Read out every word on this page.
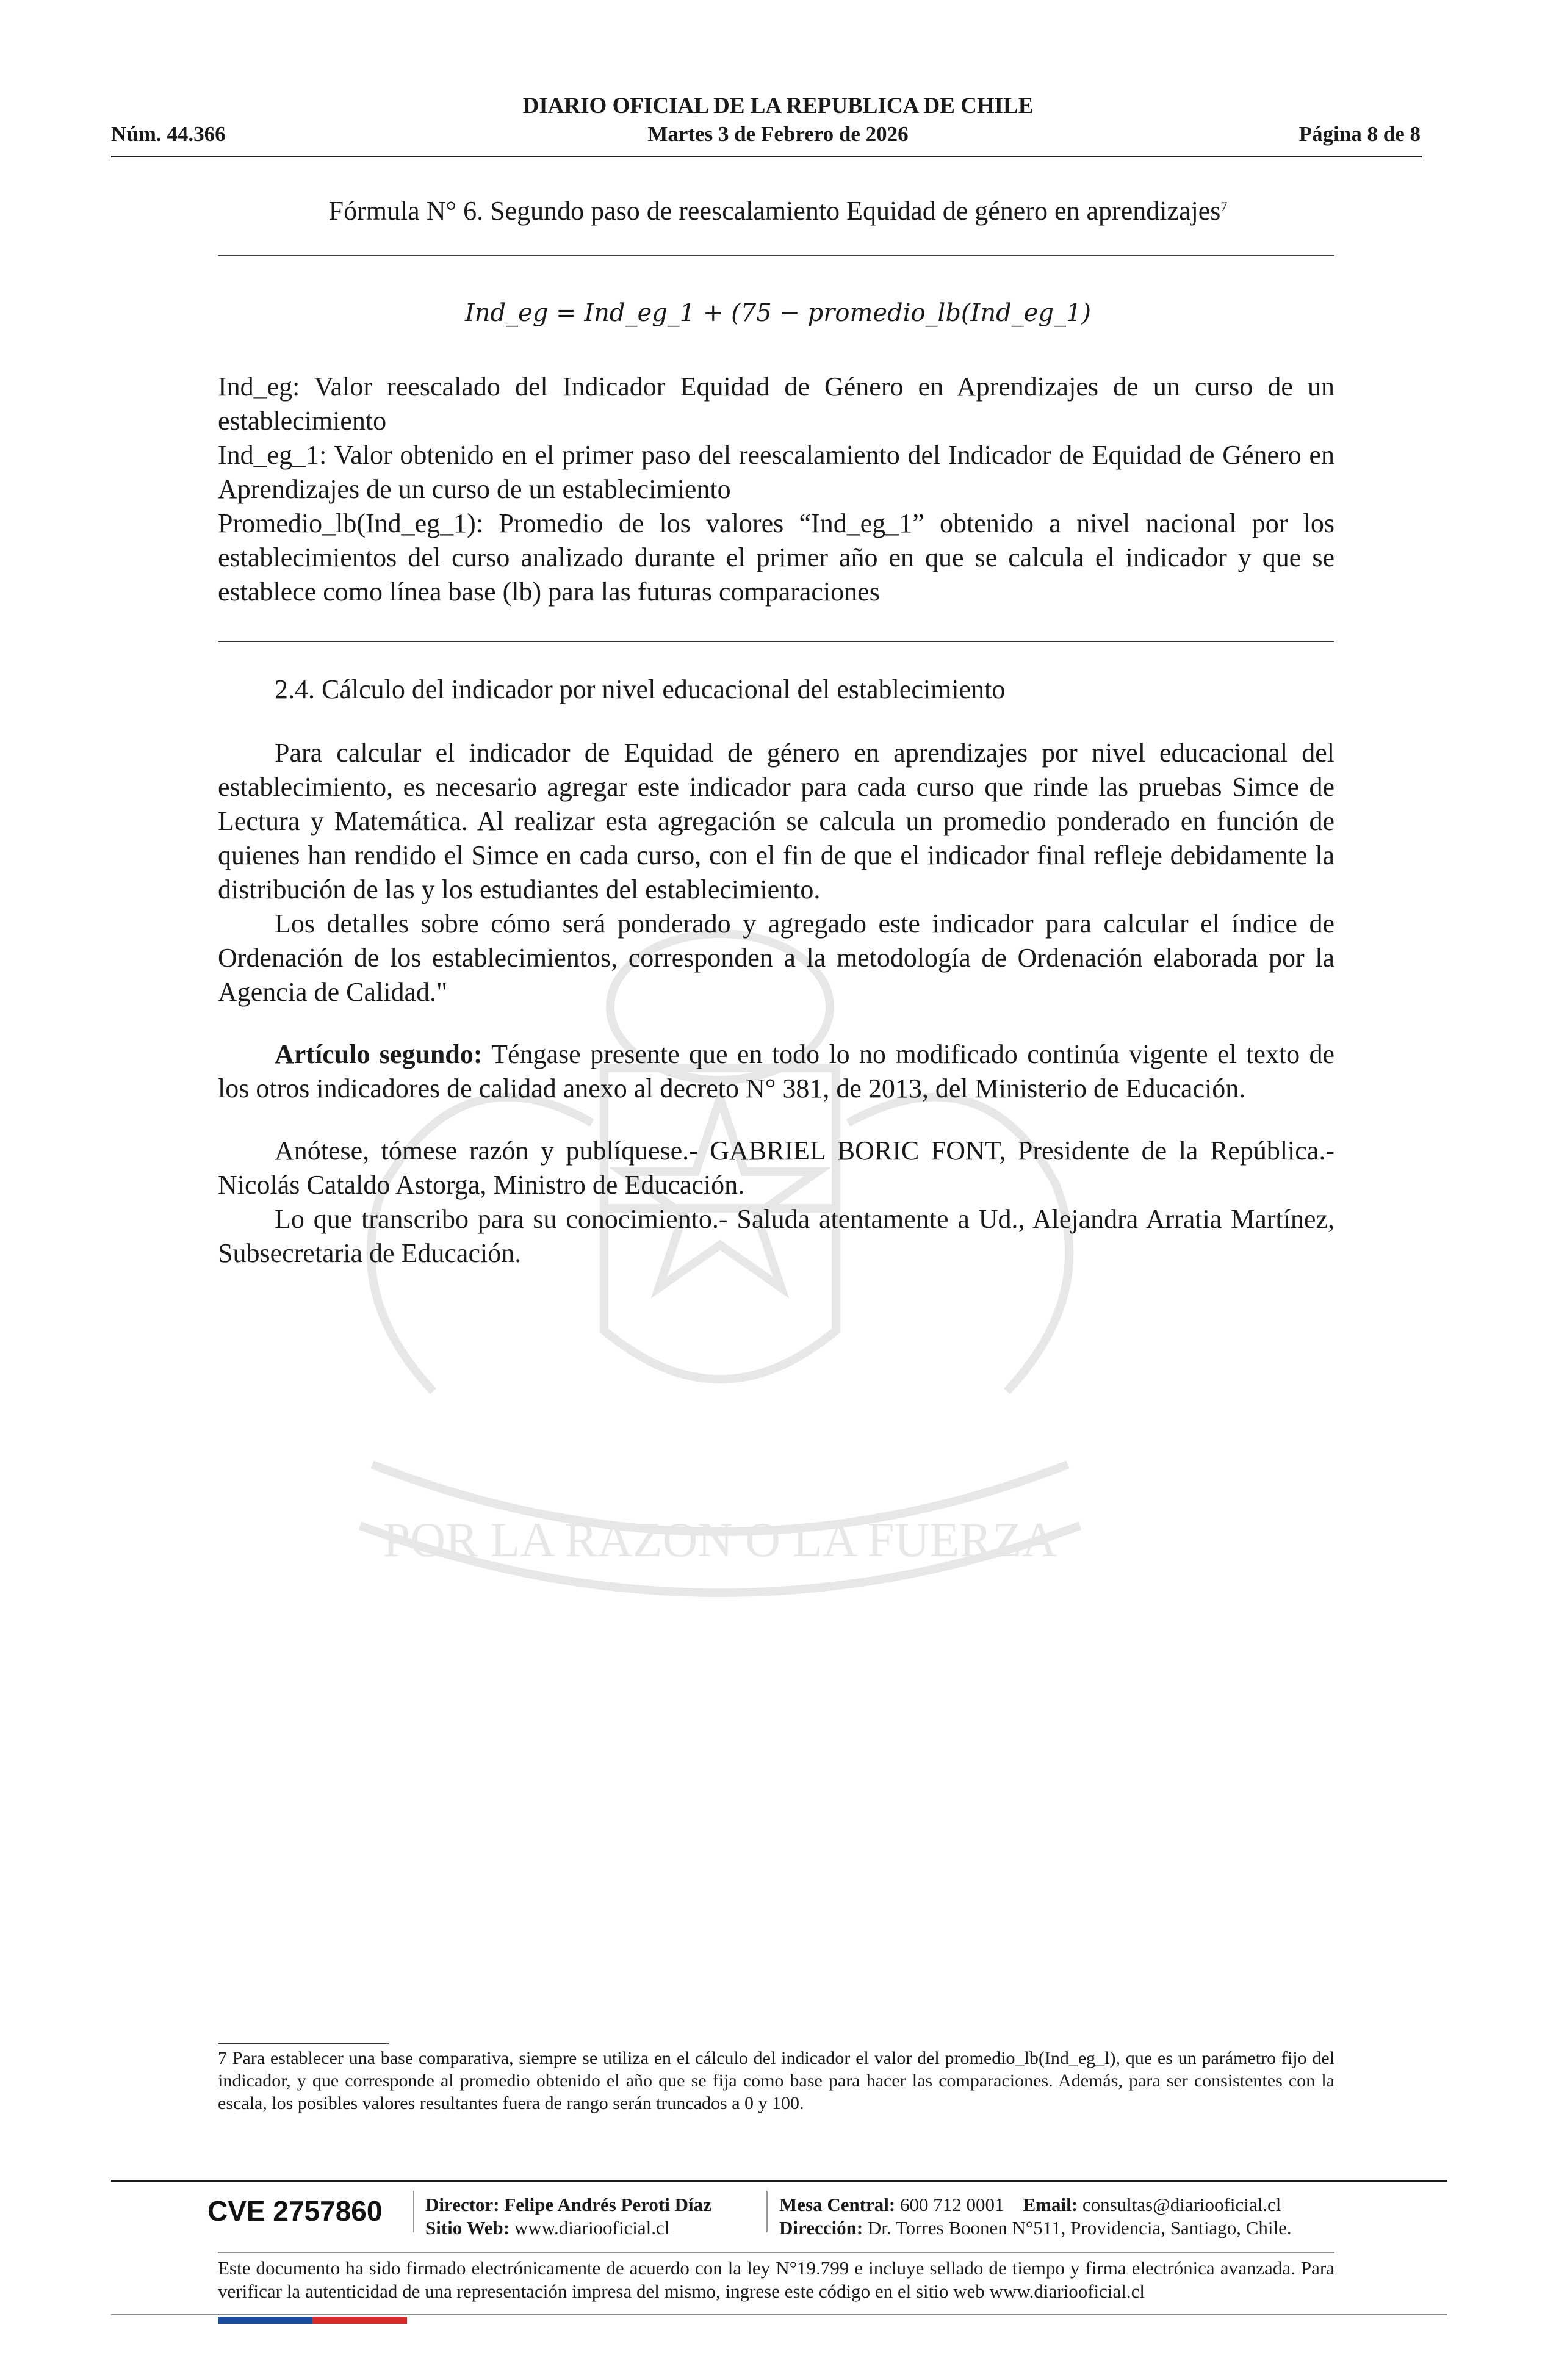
POR LA RAZON O LA FUERZA
DIARIO OFICIAL DE LA REPUBLICA DE CHILE
Núm. 44.366	Martes 3 de Febrero de 2026	Página 8 de 8
Fórmula N° 6. Segundo paso de reescalamiento Equidad de género en aprendizajes$^7$
Ind_eg = Ind_eg_1 + (75 − promedio_lb(Ind_eg_1)

Ind_eg: Valor reescalado del Indicador Equidad de Género en Aprendizajes de un curso de un establecimiento

Ind_eg_1: Valor obtenido en el primer paso del reescalamiento del Indicador de Equidad de Género en Aprendizajes de un curso de un establecimiento

Promedio_lb(Ind_eg_1): Promedio de los valores “Ind_eg_1” obtenido a nivel nacional por los establecimientos del curso analizado durante el primer año en que se calcula el indicador y que se establece como línea base (lb) para las futuras comparaciones

2.4. Cálculo del indicador por nivel educacional del establecimiento

Para calcular el indicador de Equidad de género en aprendizajes por nivel educacional del establecimiento, es necesario agregar este indicador para cada curso que rinde las pruebas Simce de Lectura y Matemática. Al realizar esta agregación se calcula un promedio ponderado en función de quienes han rendido el Simce en cada curso, con el fin de que el indicador final refleje debidamente la distribución de las y los estudiantes del establecimiento.

Los detalles sobre cómo será ponderado y agregado este indicador para calcular el índice de Ordenación de los establecimientos, corresponden a la metodología de Ordenación elaborada por la Agencia de Calidad."

Artículo segundo: Téngase presente que en todo lo no modificado continúa vigente el texto de los otros indicadores de calidad anexo al decreto N° 381, de 2013, del Ministerio de Educación.

Anótese, tómese razón y publíquese.- GABRIEL BORIC FONT, Presidente de la República.- Nicolás Cataldo Astorga, Ministro de Educación.

Lo que transcribo para su conocimiento.- Saluda atentamente a Ud., Alejandra Arratia Martínez, Subsecretaria de Educación.

7 Para establecer una base comparativa, siempre se utiliza en el cálculo del indicador el valor del promedio_lb(Ind_eg_l), que es un parámetro fijo del indicador, y que corresponde al promedio obtenido el año que se fija como base para hacer las comparaciones. Además, para ser consistentes con la escala, los posibles valores resultantes fuera de rango serán truncados a 0 y 100.

CVE 2757860 Director: Felipe Andrés Peroti Díaz
Sitio Web: www.diariooficial.cl
Mesa Central: 600 712 0001 Email: consultas@diariooficial.cl
Dirección: Dr. Torres Boonen N°511, Providencia, Santiago, Chile.

Este documento ha sido firmado electrónicamente de acuerdo con la ley N°19.799 e incluye sellado de tiempo y firma electrónica avanzada. Para verificar la autenticidad de una representación impresa del mismo, ingrese este código en el sitio web www.diariooficial.cl
